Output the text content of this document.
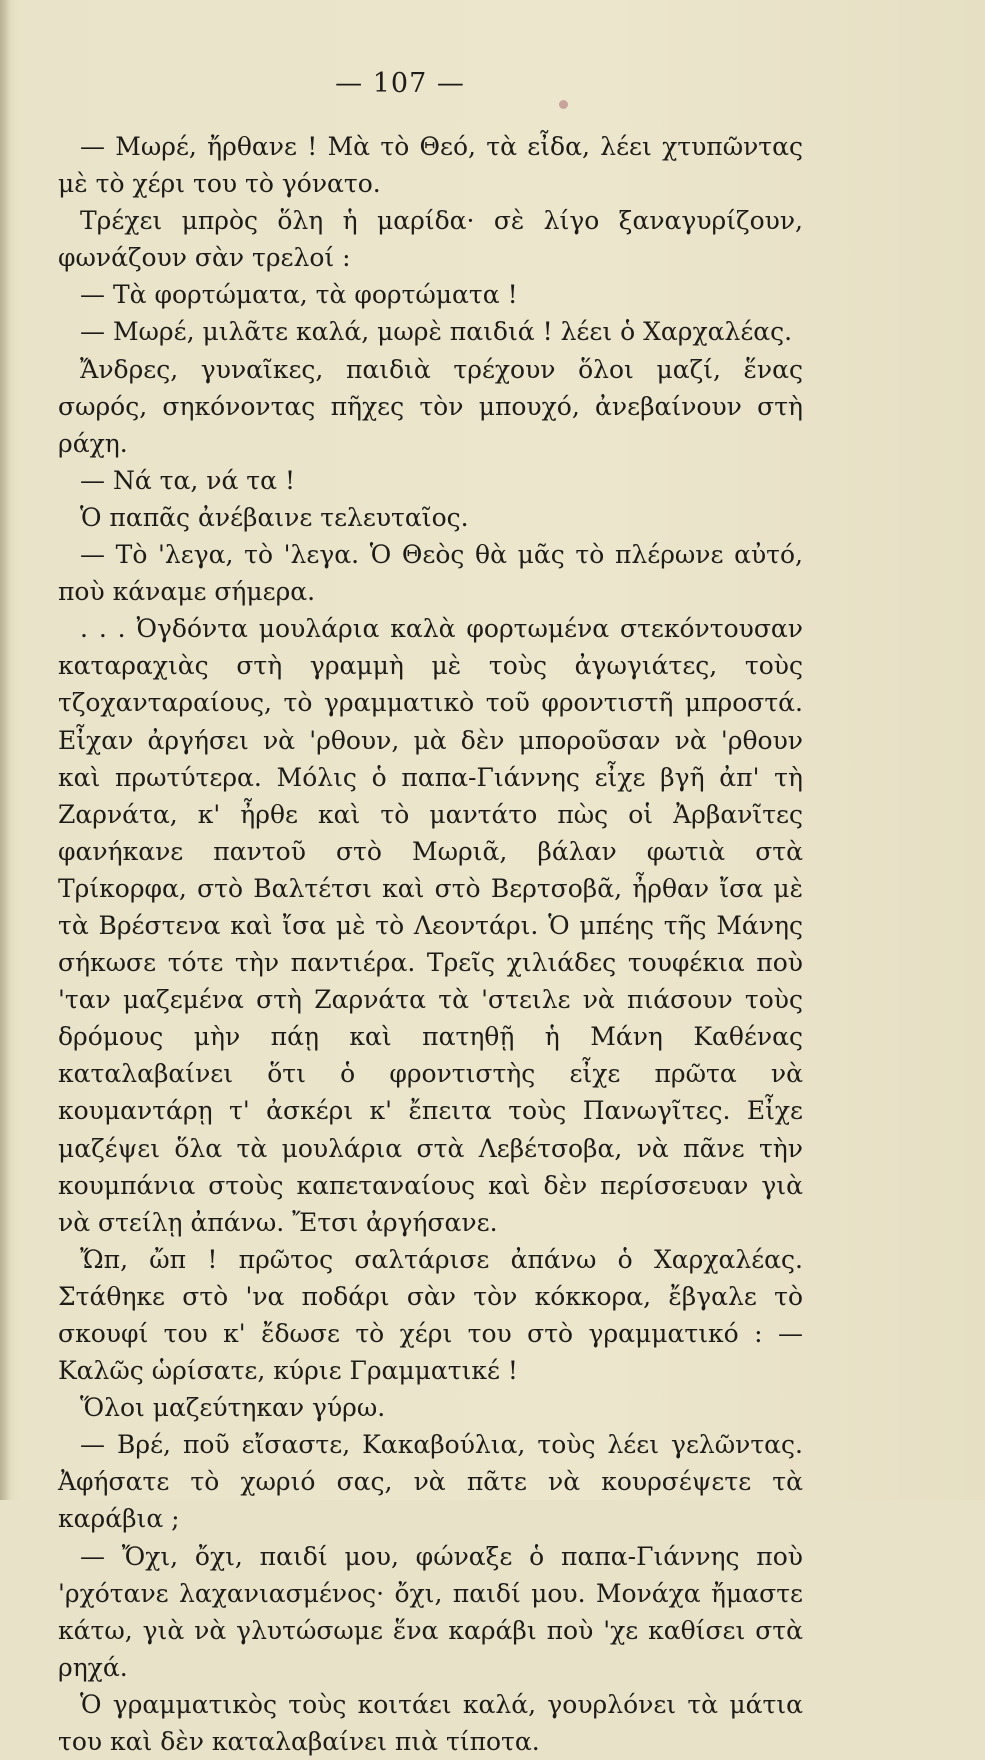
— 107 —

— Μωρέ, ἤρθανε ! Μὰ τὸ Θεό, τὰ εἶδα, λέει χτυπῶντας μὲ τὸ χέρι του τὸ γόνατο.

Τρέχει μπρὸς ὅλη ἡ μαρίδα· σὲ λίγο ξαναγυρίζουν, φωνάζουν σὰν τρελοί :

— Τὰ φορτώματα, τὰ φορτώματα !

— Μωρέ, μιλᾶτε καλά, μωρὲ παιδιά ! λέει ὁ Χαρχαλέας.

Ἄνδρες, γυναῖκες, παιδιὰ τρέχουν ὅλοι μαζί, ἕνας σωρός, σηκόνοντας πῆχες τὸν μπουχό, ἀνεβαίνουν στὴ ράχη.

— Νά τα, νά τα !

Ὁ παπᾶς ἀνέβαινε τελευταῖος.

— Τὸ 'λεγα, τὸ 'λεγα. Ὁ Θεὸς θὰ μᾶς τὸ πλέρωνε αὐτό, ποὺ κάναμε σήμερα.

. . . Ὀγδόντα μουλάρια καλὰ φορτωμένα στεκόντουσαν καταραχιὰς στὴ γραμμὴ μὲ τοὺς ἀγωγιάτες, τοὺς τζοχανταραίους, τὸ γραμματικὸ τοῦ φροντιστῆ μπροστά. Εἶχαν ἀργήσει νὰ 'ρθουν, μὰ δὲν μποροῦσαν νὰ 'ρθουν καὶ πρωτύτερα. Μόλις ὁ παπα-Γιάννης εἶχε βγῆ ἀπ' τὴ Ζαρνάτα, κ' ἦρθε καὶ τὸ μαντάτο πὼς οἱ Ἀρβανῖτες φανήκανε παντοῦ στὸ Μωριᾶ, βάλαν φωτιὰ στὰ Τρίκορφα, στὸ Βαλτέτσι καὶ στὸ Βερτσοβᾶ, ἦρθαν ἴσα μὲ τὰ Βρέστενα καὶ ἴσα μὲ τὸ Λεοντάρι. Ὁ μπέης τῆς Μάνης σήκωσε τότε τὴν παντιέρα. Τρεῖς χιλιάδες τουφέκια ποὺ 'ταν μαζεμένα στὴ Ζαρνάτα τὰ 'στειλε νὰ πιάσουν τοὺς δρόμους μὴν πάῃ καὶ πατηθῇ ἡ Μάνη Καθένας καταλαβαίνει ὅτι ὁ φροντιστὴς εἶχε πρῶτα νὰ κουμαντάρῃ τ' ἀσκέρι κ' ἔπειτα τοὺς Πανωγῖτες. Εἶχε μαζέψει ὅλα τὰ μουλάρια στὰ Λεβέτσοβα, νὰ πᾶνε τὴν κουμπάνια στοὺς καπεταναίους καὶ δὲν περίσσευαν γιὰ νὰ στείλῃ ἀπάνω. Ἔτσι ἀργήσανε.

Ὤπ, ὤπ ! πρῶτος σαλτάρισε ἀπάνω ὁ Χαρχαλέας. Στάθηκε στὸ 'να ποδάρι σὰν τὸν κόκκορα, ἔβγαλε τὸ σκουφί του κ' ἔδωσε τὸ χέρι του στὸ γραμματικό : — Καλῶς ὡρίσατε, κύριε Γραμματικέ !

Ὅλοι μαζεύτηκαν γύρω.

— Βρέ, ποῦ εἴσαστε, Κακαβούλια, τοὺς λέει γελῶντας. Ἀφήσατε τὸ χωριό σας, νὰ πᾶτε νὰ κουρσέψετε τὰ καράβια ;

— Ὄχι, ὄχι, παιδί μου, φώναξε ὁ παπα-Γιάννης ποὺ 'ρχότανε λαχανιασμένος· ὄχι, παιδί μου. Μονάχα ἤμαστε κάτω, γιὰ νὰ γλυτώσωμε ἕνα καράβι ποὺ 'χε καθίσει στὰ ρηχά.

Ὁ γραμματικὸς τοὺς κοιτάει καλά, γουρλόνει τὰ μάτια του καὶ δὲν καταλαβαίνει πιὰ τίποτα.
